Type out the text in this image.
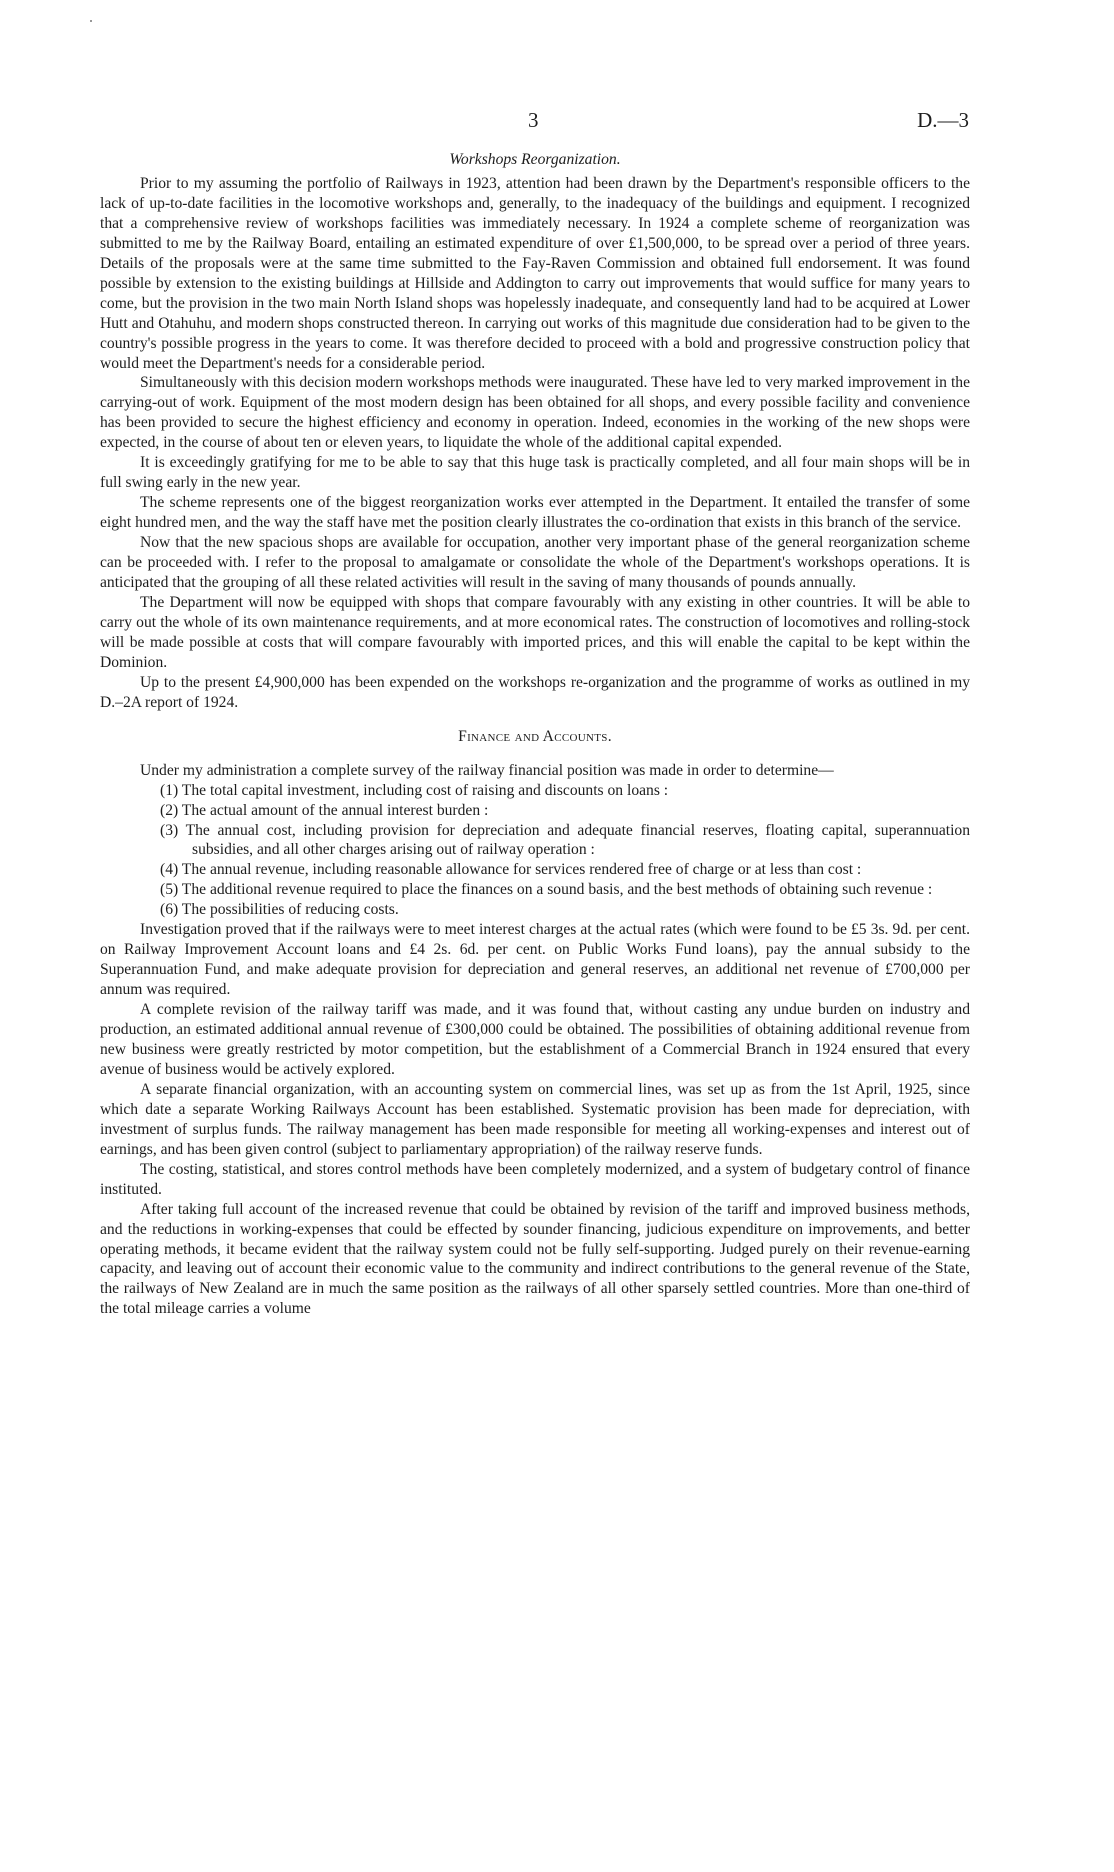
3	D.—3
Workshops Reorganization.

Prior to my assuming the portfolio of Railways in 1923, attention had been drawn by the Department's responsible officers to the lack of up-to-date facilities in the locomotive workshops and, generally, to the inadequacy of the buildings and equipment. I recognized that a comprehensive review of workshops facilities was immediately necessary. In 1924 a complete scheme of reorganization was submitted to me by the Railway Board, entailing an estimated expenditure of over £1,500,000, to be spread over a period of three years. Details of the proposals were at the same time submitted to the Fay-Raven Commission and obtained full endorsement. It was found possible by extension to the existing buildings at Hillside and Addington to carry out improvements that would suffice for many years to come, but the provision in the two main North Island shops was hopelessly inadequate, and consequently land had to be acquired at Lower Hutt and Otahuhu, and modern shops constructed thereon. In carrying out works of this magnitude due consideration had to be given to the country's possible progress in the years to come. It was therefore decided to proceed with a bold and progressive construction policy that would meet the Department's needs for a considerable period.

Simultaneously with this decision modern workshops methods were inaugurated. These have led to very marked improvement in the carrying-out of work. Equipment of the most modern design has been obtained for all shops, and every possible facility and convenience has been provided to secure the highest efficiency and economy in operation. Indeed, economies in the working of the new shops were expected, in the course of about ten or eleven years, to liquidate the whole of the additional capital expended.

It is exceedingly gratifying for me to be able to say that this huge task is practically completed, and all four main shops will be in full swing early in the new year.

The scheme represents one of the biggest reorganization works ever attempted in the Department. It entailed the transfer of some eight hundred men, and the way the staff have met the position clearly illustrates the co-ordination that exists in this branch of the service.

Now that the new spacious shops are available for occupation, another very important phase of the general reorganization scheme can be proceeded with. I refer to the proposal to amalgamate or consolidate the whole of the Department's workshops operations. It is anticipated that the grouping of all these related activities will result in the saving of many thousands of pounds annually.

The Department will now be equipped with shops that compare favourably with any existing in other countries. It will be able to carry out the whole of its own maintenance requirements, and at more economical rates. The construction of locomotives and rolling-stock will be made possible at costs that will compare favourably with imported prices, and this will enable the capital to be kept within the Dominion.

Up to the present £4,900,000 has been expended on the workshops re-organization and the programme of works as outlined in my D.–2A report of 1924.

Finance and Accounts.

Under my administration a complete survey of the railway financial position was made in order to determine—

(1) The total capital investment, including cost of raising and discounts on loans :
(2) The actual amount of the annual interest burden :
(3) The annual cost, including provision for depreciation and adequate financial reserves, floating capital, superannuation subsidies, and all other charges arising out of railway operation :
(4) The annual revenue, including reasonable allowance for services rendered free of charge or at less than cost :
(5) The additional revenue required to place the finances on a sound basis, and the best methods of obtaining such revenue :
(6) The possibilities of reducing costs.

Investigation proved that if the railways were to meet interest charges at the actual rates (which were found to be £5 3s. 9d. per cent. on Railway Improvement Account loans and £4 2s. 6d. per cent. on Public Works Fund loans), pay the annual subsidy to the Superannuation Fund, and make adequate provision for depreciation and general reserves, an additional net revenue of £700,000 per annum was required.

A complete revision of the railway tariff was made, and it was found that, without casting any undue burden on industry and production, an estimated additional annual revenue of £300,000 could be obtained. The possibilities of obtaining additional revenue from new business were greatly restricted by motor competition, but the establishment of a Commercial Branch in 1924 ensured that every avenue of business would be actively explored.

A separate financial organization, with an accounting system on commercial lines, was set up as from the 1st April, 1925, since which date a separate Working Railways Account has been established. Systematic provision has been made for depreciation, with investment of surplus funds. The railway management has been made responsible for meeting all working-expenses and interest out of earnings, and has been given control (subject to parliamentary appropriation) of the railway reserve funds.

The costing, statistical, and stores control methods have been completely modernized, and a system of budgetary control of finance instituted.

After taking full account of the increased revenue that could be obtained by revision of the tariff and improved business methods, and the reductions in working-expenses that could be effected by sounder financing, judicious expenditure on improvements, and better operating methods, it became evident that the railway system could not be fully self-supporting. Judged purely on their revenue-earning capacity, and leaving out of account their economic value to the community and indirect contributions to the general revenue of the State, the railways of New Zealand are in much the same position as the railways of all other sparsely settled countries. More than one-third of the total mileage carries a volume
